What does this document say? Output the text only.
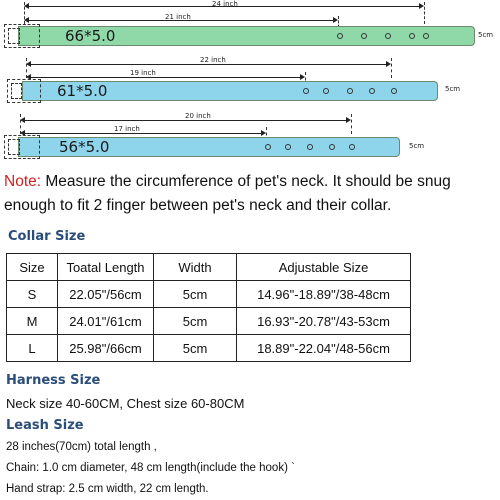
24 inch
21 inch
66*5.0	5cm
22 inch
19 inch
61*5.0	5cm
20 inch
17 inch
56*5.0	5cm
Note: Measure the circumference of pet's neck. It should be snug enough to fit 2 finger between pet's neck and their collar.
Collar Size
Size	Toatal Length	Width	Adjustable Size
S	22.05"/56cm	5cm	14.96"-18.89"/38-48cm
M	24.01"/61cm	5cm	16.93"-20.78"/43-53cm
L	25.98"/66cm	5cm	18.89"-22.04"/48-56cm
Harness Size
Neck size 40-60CM, Chest size 60-80CM
Leash Size
28 inches(70cm) total length ,
Chain: 1.0 cm diameter, 48 cm length(include the hook) `
Hand strap: 2.5 cm width, 22 cm length.
